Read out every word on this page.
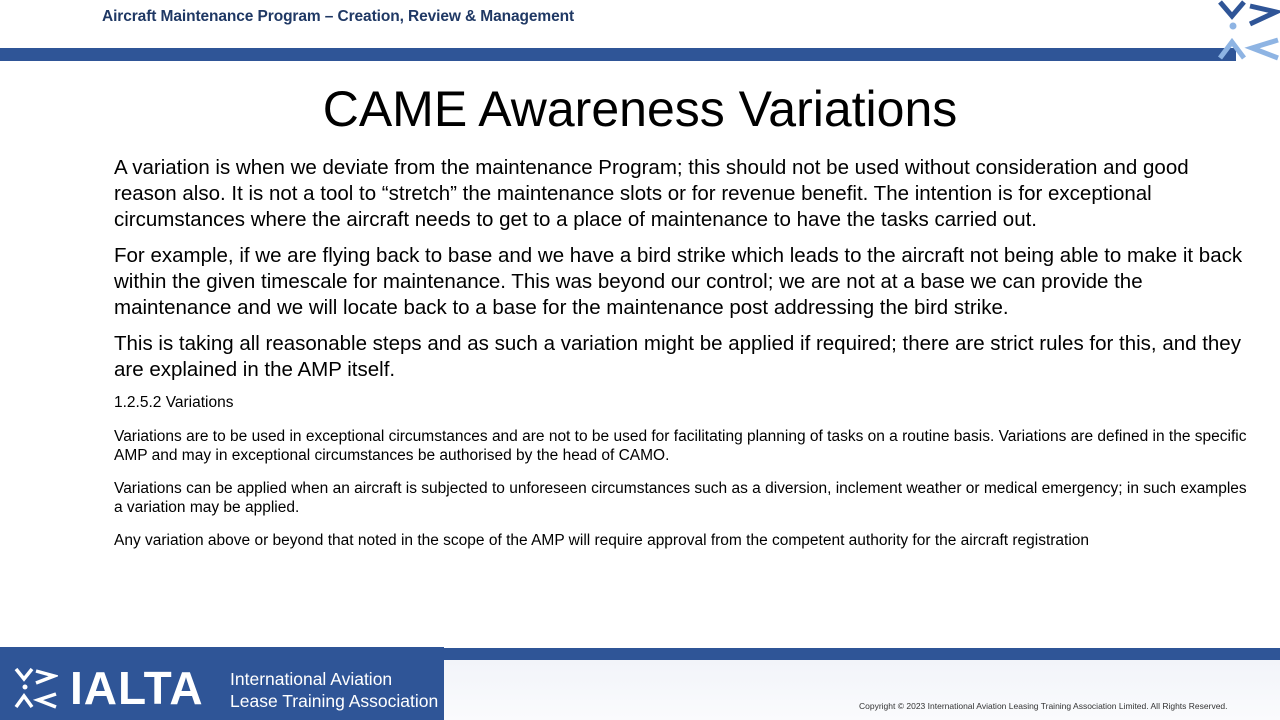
Aircraft Maintenance Program – Creation, Review & Management
CAME Awareness Variations

A variation is when we deviate from the maintenance Program; this should not be used without consideration and good reason also. It is not a tool to “stretch” the maintenance slots or for revenue benefit. The intention is for exceptional circumstances where the aircraft needs to get to a place of maintenance to have the tasks carried out.

For example, if we are flying back to base and we have a bird strike which leads to the aircraft not being able to make it back within the given timescale for maintenance. This was beyond our control; we are not at a base we can provide the maintenance and we will locate back to a base for the maintenance post addressing the bird strike.

This is taking all reasonable steps and as such a variation might be applied if required; there are strict rules for this, and they are explained in the AMP itself.

1.2.5.2 Variations

Variations are to be used in exceptional circumstances and are not to be used for facilitating planning of tasks on a routine basis. Variations are defined in the specific AMP and may in exceptional circumstances be authorised by the head of CAMO.

Variations can be applied when an aircraft is subjected to unforeseen circumstances such as a diversion, inclement weather or medical emergency; in such examples a variation may be applied.

Any variation above or beyond that noted in the scope of the AMP will require approval from the competent authority for the aircraft registration

IALTA International Aviation
Lease Training Association	Copyright © 2023 International Aviation Leasing Training Association Limited. All Rights Reserved.
